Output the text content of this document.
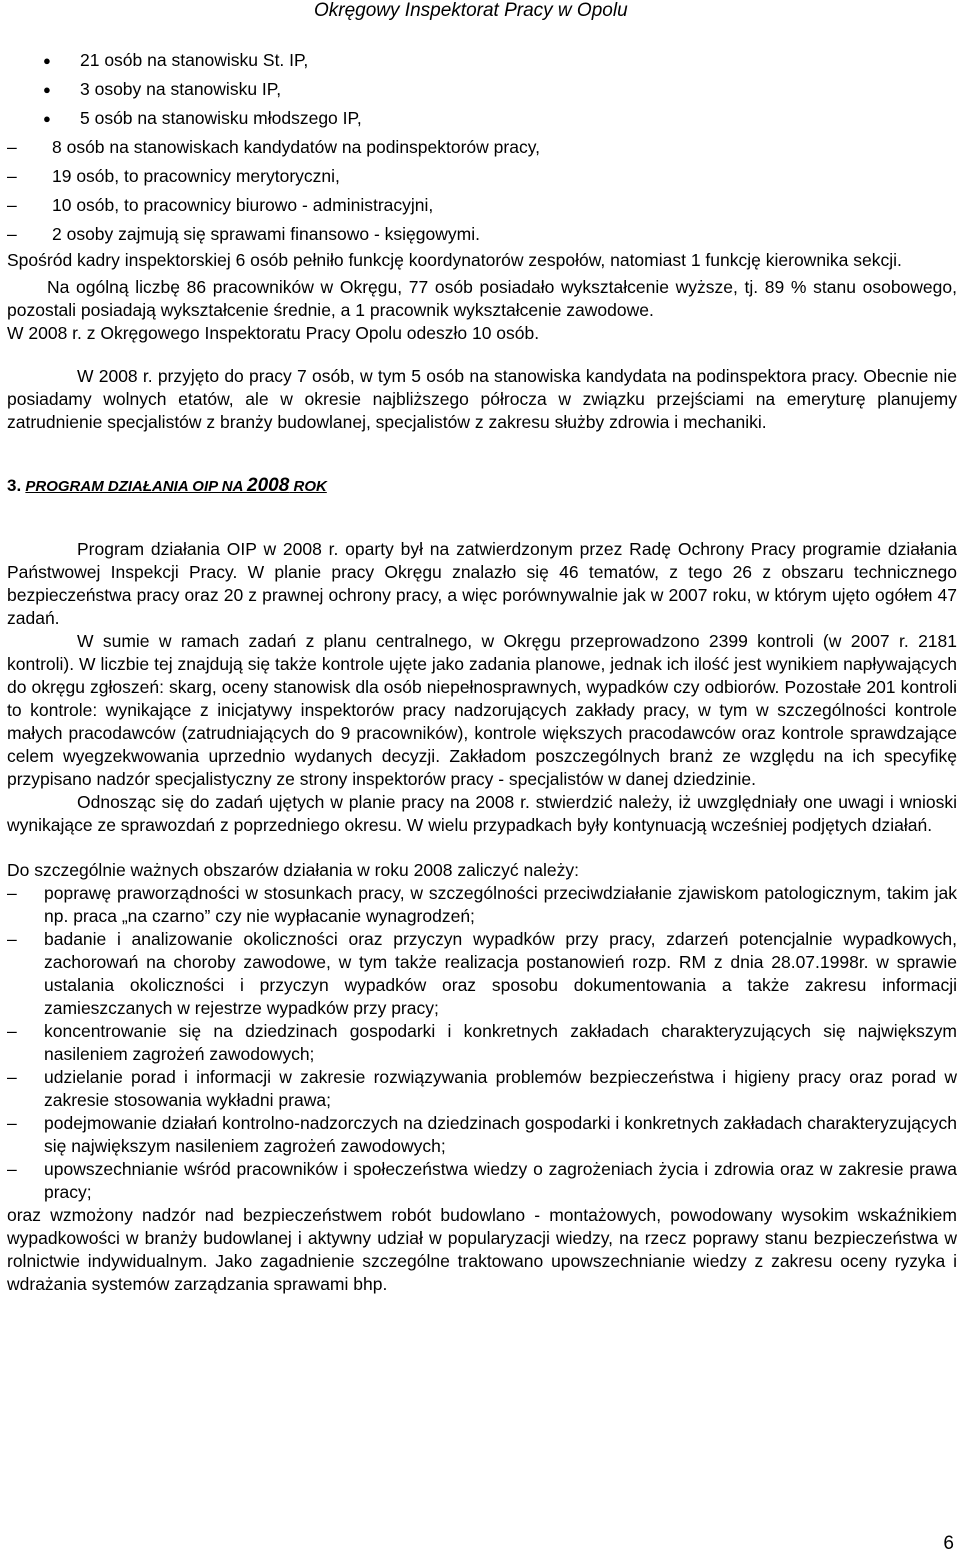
Okręgowy Inspektorat Pracy w Opolu
● 21 osób na stanowisku St. IP,
● 3 osoby na stanowisku IP,
● 5 osób na stanowisku młodszego IP,
– 8 osób na stanowiskach kandydatów na podinspektorów pracy,
– 19 osób, to pracownicy merytoryczni,
– 10 osób, to pracownicy biurowo - administracyjni,
– 2 osoby zajmują się sprawami finansowo - księgowymi.

Spośród kadry inspektorskiej 6 osób pełniło funkcję koordynatorów zespołów, natomiast 1 funkcję kierownika sekcji.

Na ogólną liczbę 86 pracowników w Okręgu, 77 osób posiadało wykształcenie wyższe, tj. 89 % stanu osobowego, pozostali posiadają wykształcenie średnie, a 1 pracownik wykształcenie zawodowe.

W 2008 r. z Okręgowego Inspektoratu Pracy Opolu odeszło 10 osób.

W 2008 r. przyjęto do pracy 7 osób, w tym 5 osób na stanowiska kandydata na podinspektora pracy. Obecnie nie posiadamy wolnych etatów, ale w okresie najbliższego półrocza w związku przejściami na emeryturę planujemy zatrudnienie specjalistów z branży budowlanej, specjalistów z zakresu służby zdrowia i mechaniki.

3. PROGRAM DZIAŁANIA OIP NA 2008 ROK

Program działania OIP w 2008 r. oparty był na zatwierdzonym przez Radę Ochrony Pracy programie działania Państwowej Inspekcji Pracy. W planie pracy Okręgu znalazło się 46 tematów, z tego 26 z obszaru technicznego bezpieczeństwa pracy oraz 20 z prawnej ochrony pracy, a więc porównywalnie jak w 2007 roku, w którym ujęto ogółem 47 zadań.

W sumie w ramach zadań z planu centralnego, w Okręgu przeprowadzono 2399 kontroli (w 2007 r. 2181 kontroli). W liczbie tej znajdują się także kontrole ujęte jako zadania planowe, jednak ich ilość jest wynikiem napływających do okręgu zgłoszeń: skarg, oceny stanowisk dla osób niepełnosprawnych, wypadków czy odbiorów. Pozostałe 201 kontroli to kontrole: wynikające z inicjatywy inspektorów pracy nadzorujących zakłady pracy, w tym w szczególności kontrole małych pracodawców (zatrudniających do 9 pracowników), kontrole większych pracodawców oraz kontrole sprawdzające celem wyegzekwowania uprzednio wydanych decyzji. Zakładom poszczególnych branż ze względu na ich specyfikę przypisano nadzór specjalistyczny ze strony inspektorów pracy - specjalistów w danej dziedzinie.

Odnosząc się do zadań ujętych w planie pracy na 2008 r. stwierdzić należy, iż uwzględniały one uwagi i wnioski wynikające ze sprawozdań z poprzedniego okresu. W wielu przypadkach były kontynuacją wcześniej podjętych działań.

Do szczególnie ważnych obszarów działania w roku 2008 zaliczyć należy:

– poprawę praworządności w stosunkach pracy, w szczególności przeciwdziałanie zjawiskom patologicznym, takim jak np. praca „na czarno” czy nie wypłacanie wynagrodzeń;
– badanie i analizowanie okoliczności oraz przyczyn wypadków przy pracy, zdarzeń potencjalnie wypadkowych, zachorowań na choroby zawodowe, w tym także realizacja postanowień rozp. RM z dnia 28.07.1998r. w sprawie ustalania okoliczności i przyczyn wypadków oraz sposobu dokumentowania a także zakresu informacji zamieszczanych w rejestrze wypadków przy pracy;
– koncentrowanie się na dziedzinach gospodarki i konkretnych zakładach charakteryzujących się największym nasileniem zagrożeń zawodowych;
– udzielanie porad i informacji w zakresie rozwiązywania problemów bezpieczeństwa i higieny pracy oraz porad w zakresie stosowania wykładni prawa;
– podejmowanie działań kontrolno-nadzorczych na dziedzinach gospodarki i konkretnych zakładach charakteryzujących się największym nasileniem zagrożeń zawodowych;
– upowszechnianie wśród pracowników i społeczeństwa wiedzy o zagrożeniach życia i zdrowia oraz w zakresie prawa pracy;

oraz wzmożony nadzór nad bezpieczeństwem robót budowlano - montażowych, powodowany wysokim wskaźnikiem wypadkowości w branży budowlanej i aktywny udział w popularyzacji wiedzy, na rzecz poprawy stanu bezpieczeństwa w rolnictwie indywidualnym. Jako zagadnienie szczególne traktowano upowszechnianie wiedzy z zakresu oceny ryzyka i wdrażania systemów zarządzania sprawami bhp.

6
